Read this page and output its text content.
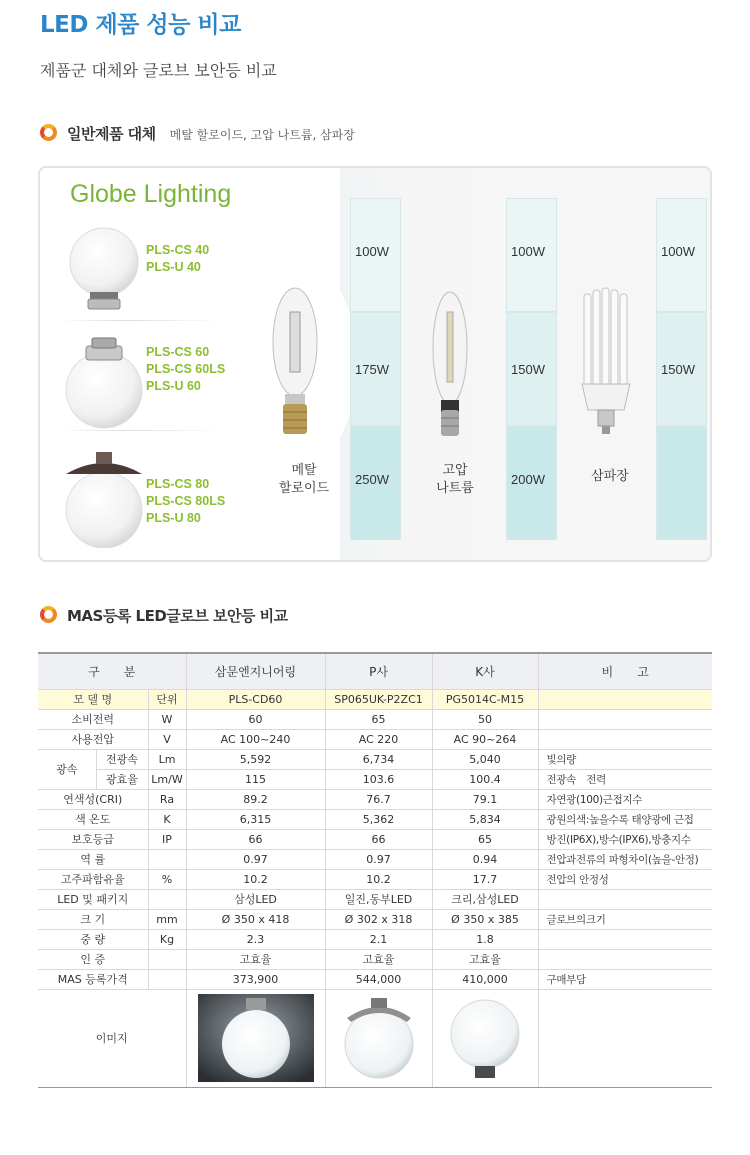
LED 제품 성능 비교
제품군 대체와 글로브 보안등 비교
일반제품 대체 메탈 할로이드, 고압 나트륨, 삼파장
Globe Lighting
PLS-CS 40
PLS-U 40
PLS-CS 60
PLS-CS 60LS
PLS-U 60
PLS-CS 80
PLS-CS 80LS
PLS-U 80
메탈
할로이드
100W
175W
250W
고압
나트륨
100W
150W
200W	삼파장
100W
150W
MAS등록 LED글로브 보안등 비교
구　　분			삼문엔지니어링	P사	K사	비　　고
모 델 명		단위	PLS-CD60	SP065UK-P2ZC1	PG5014C-M15	
소비전력		W	60	65	50	
사용전압		V	AC 100~240	AC 220	AC 90~264	
광속	전광속	Lm	5,592	6,734	5,040	빛의량
	광효율	Lm/W	115	103.6	100.4	전광속　전력
연색성(CRI)		Ra	89.2	76.7	79.1	자연광(100)근접지수
색 온도		K	6,315	5,362	5,834	광원의색:높을수록 태양광에 근접
보호등급		IP	66	66	65	방진(IP6X),방수(IPX6),방충지수
역 률			0.97	0.97	0.94	전압과전류의 파형차이(높을-안정)
고주파함유율		%	10.2	10.2	17.7	전압의 안정성
LED 및 패키지			삼성LED	일진,동부LED	크리,삼성LED	
크 기		mm	Ø 350 x 418	Ø 302 x 318	Ø 350 x 385	글로브의크기
중 량		Kg	2.3	2.1	1.8	
인 증			고효율	고효율	고효율	
MAS 등록가격			373,900	544,000	410,000	구매부담
이미지	
